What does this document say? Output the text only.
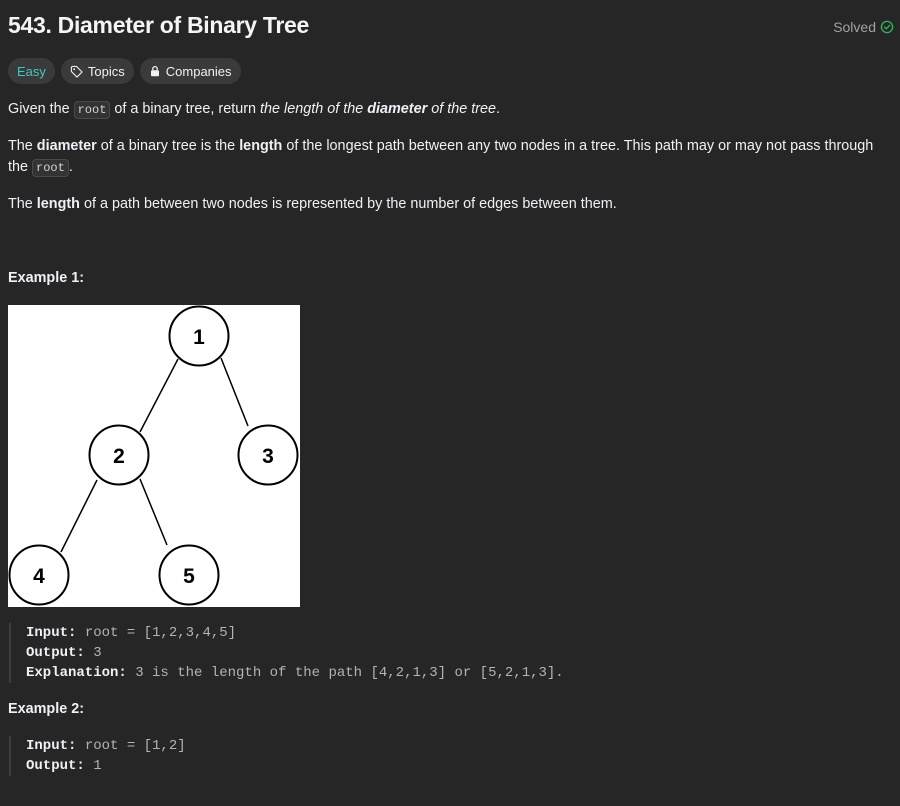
543. Diameter of Binary Tree	Solved
Easy	Topics	Companies

Given the root of a binary tree, return the length of the diameter of the tree.

The diameter of a binary tree is the length of the longest path between any two nodes in a tree. This path may or may not pass through the root .

The length of a path between two nodes is represented by the number of edges between them.

Example 1:
1
2	3
4	5
Input: root = [1,2,3,4,5]
Output: 3
Explanation: 3 is the length of the path [4,2,1,3] or [5,2,1,3].
Example 2:
Input: root = [1,2]
Output: 1
